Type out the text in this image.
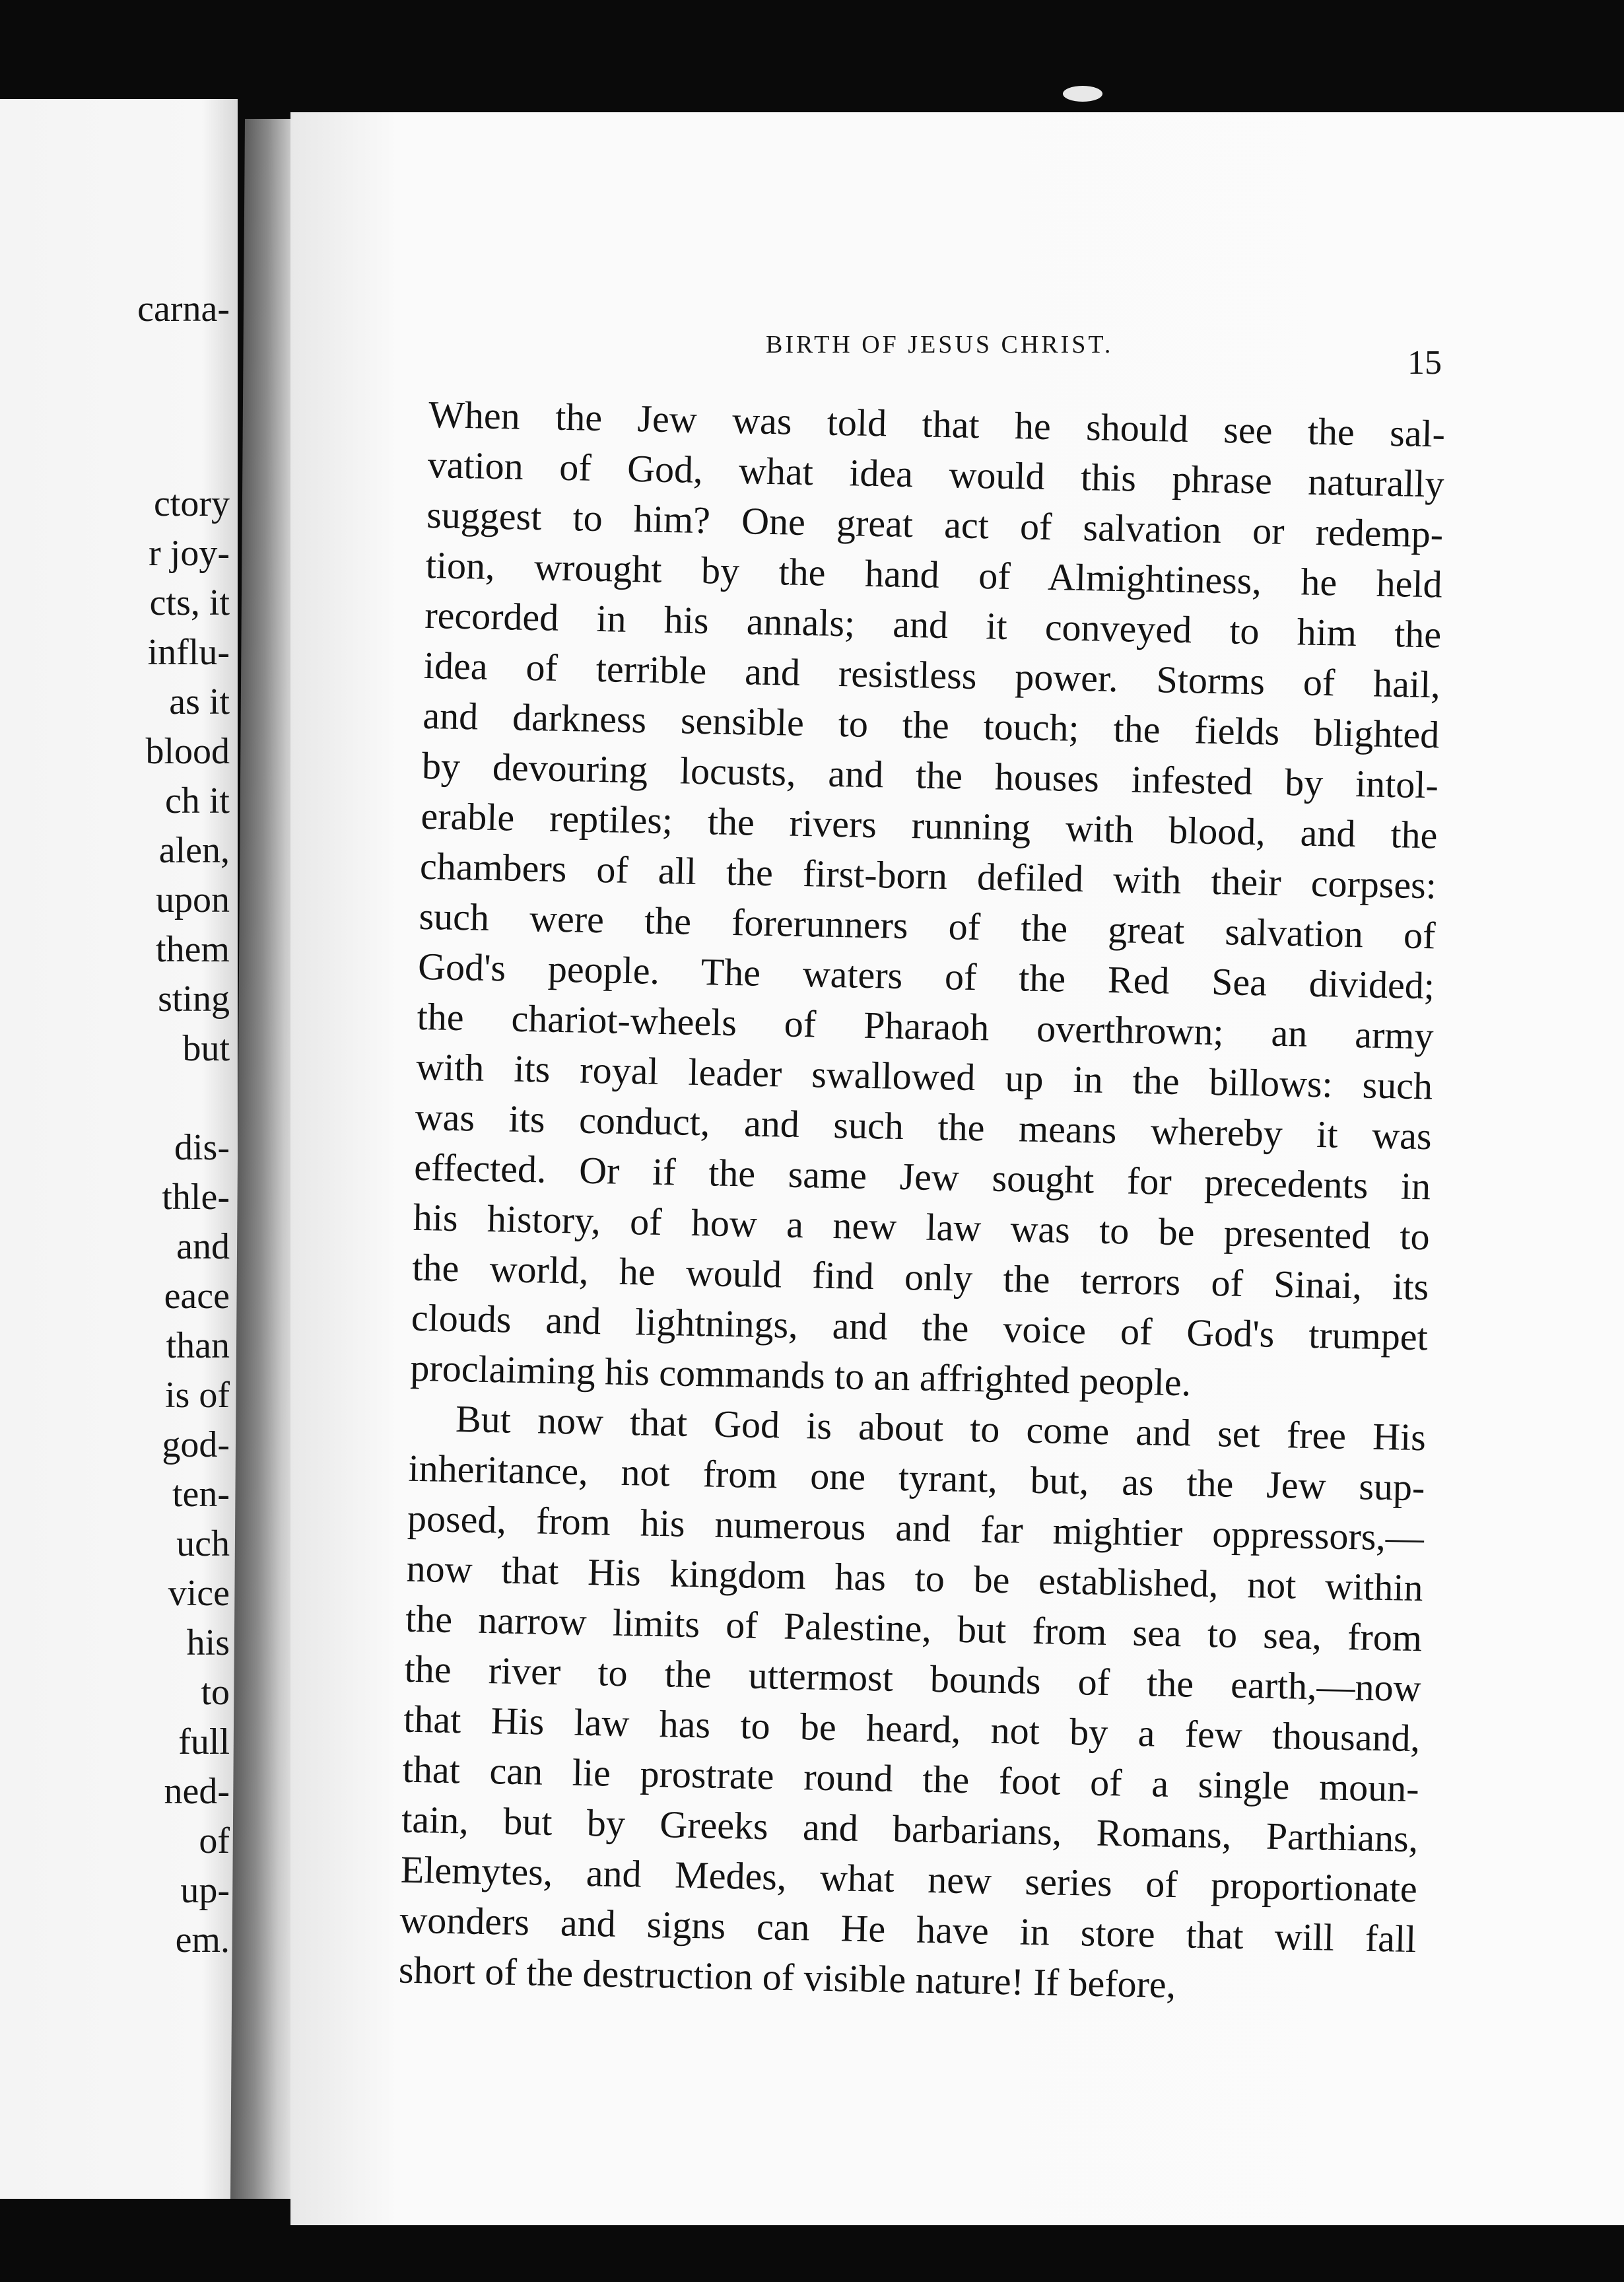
carna-
ctory
r joy-
cts, it
influ-
as it
blood
ch it
alen,
upon
them
sting
but
dis-
thle-
and
eace
than
is of
god-
ten-
uch
vice
his
to
full
ned-
of
up-
em.
BIRTH OF JESUS CHRIST.	15
When the Jew was told that he should see the sal-
vation of God, what idea would this phrase naturally
suggest to him? One great act of salvation or redemp-
tion, wrought by the hand of Almightiness, he held
recorded in his annals; and it conveyed to him the
idea of terrible and resistless power. Storms of hail,
and darkness sensible to the touch; the fields blighted
by devouring locusts, and the houses infested by intol-
erable reptiles; the rivers running with blood, and the
chambers of all the first-born defiled with their corpses:
such were the forerunners of the great salvation of
God's people. The waters of the Red Sea divided;
the chariot-wheels of Pharaoh overthrown; an army
with its royal leader swallowed up in the billows: such
was its conduct, and such the means whereby it was
effected. Or if the same Jew sought for precedents in
his history, of how a new law was to be presented to
the world, he would find only the terrors of Sinai, its
clouds and lightnings, and the voice of God's trumpet
proclaiming his commands to an affrighted people.
But now that God is about to come and set free His
inheritance, not from one tyrant, but, as the Jew sup-
posed, from his numerous and far mightier oppressors,—
now that His kingdom has to be established, not within
the narrow limits of Palestine, but from sea to sea, from
the river to the uttermost bounds of the earth,—now
that His law has to be heard, not by a few thousand,
that can lie prostrate round the foot of a single moun-
tain, but by Greeks and barbarians, Romans, Parthians,
Elemytes, and Medes, what new series of proportionate
wonders and signs can He have in store that will fall
short of the destruction of visible nature! If before,
